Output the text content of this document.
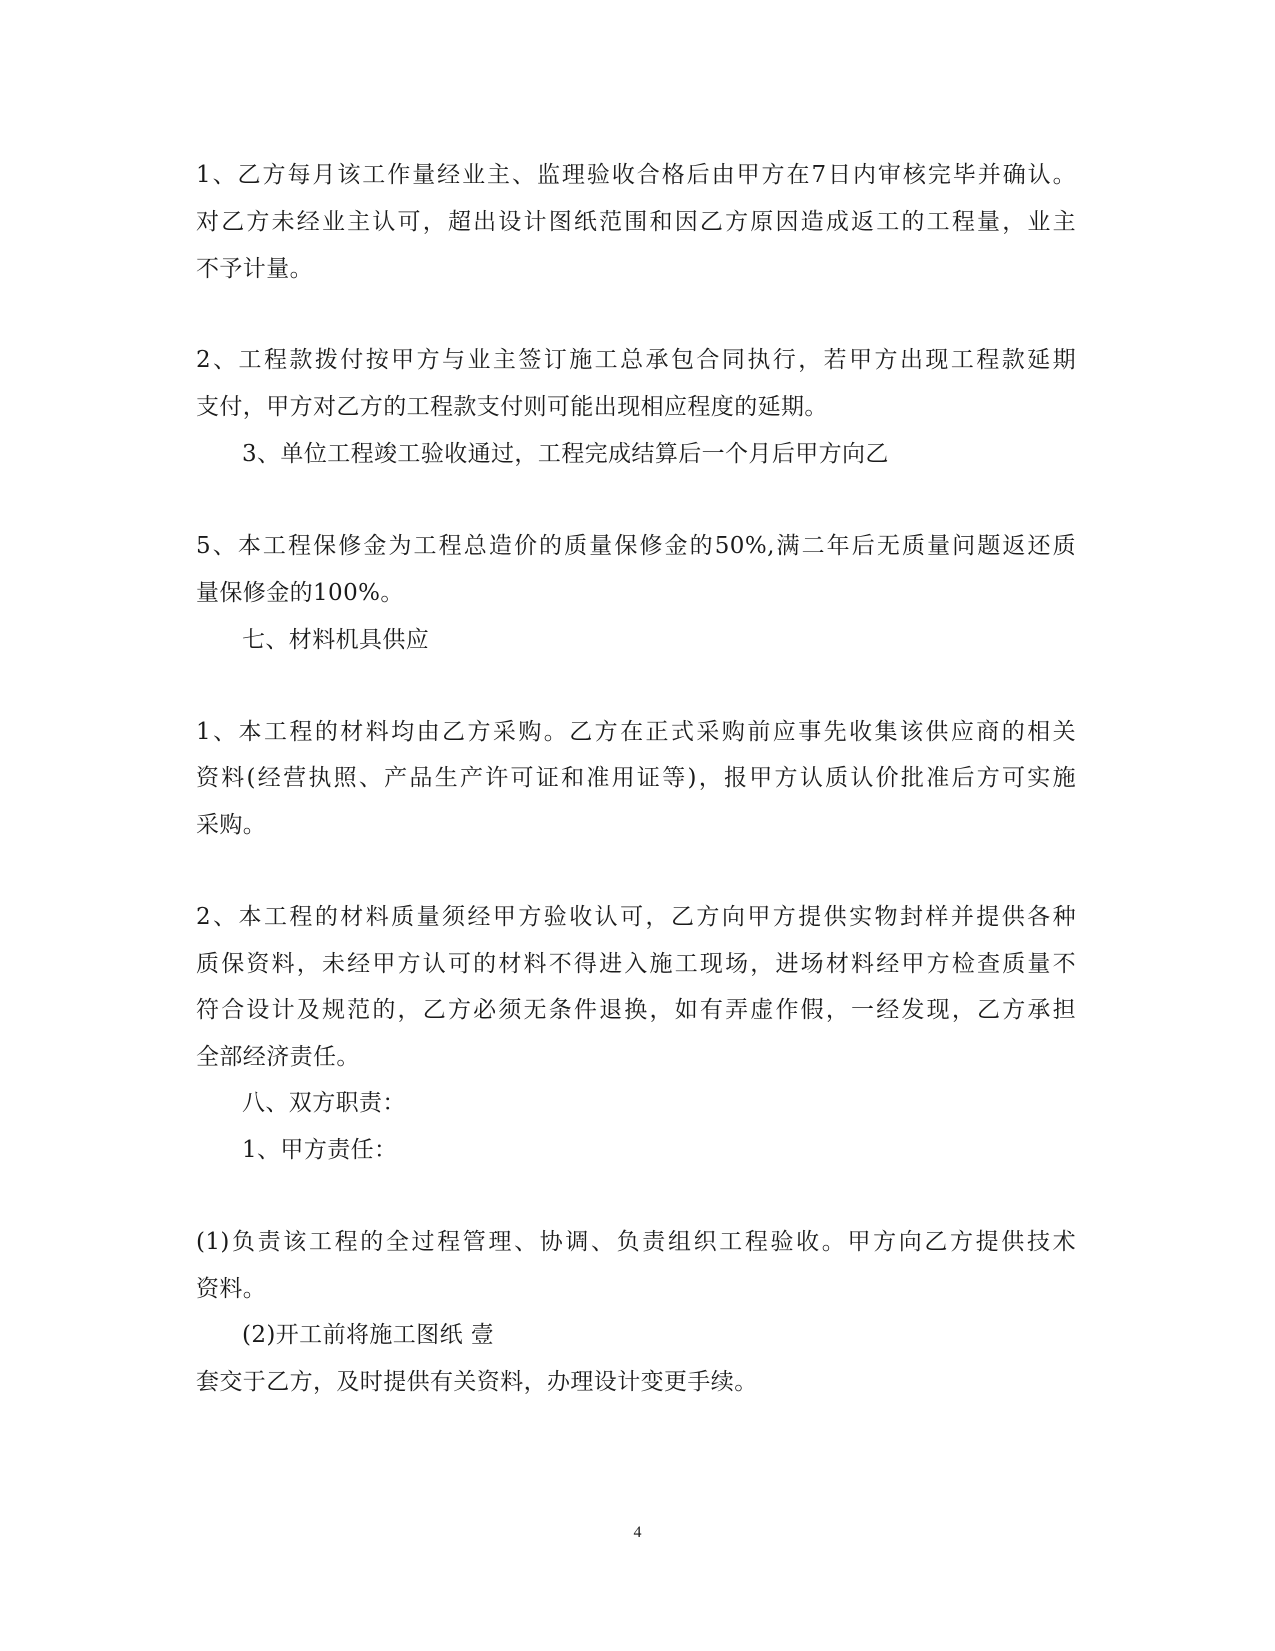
1、乙方每月该工作量经业主、监理验收合格后由甲方在7日内审核完毕并确认。
对乙方未经业主认可，超出设计图纸范围和因乙方原因造成返工的工程量，业主
不予计量。
2、工程款拨付按甲方与业主签订施工总承包合同执行，若甲方出现工程款延期
支付，甲方对乙方的工程款支付则可能出现相应程度的延期。
3、单位工程竣工验收通过，工程完成结算后一个月后甲方向乙
5、本工程保修金为工程总造价的质量保修金的50%,满二年后无质量问题返还质
量保修金的100%。
七、材料机具供应
1、本工程的材料均由乙方采购。乙方在正式采购前应事先收集该供应商的相关
资料(经营执照、产品生产许可证和准用证等)，报甲方认质认价批准后方可实施
采购。
2、本工程的材料质量须经甲方验收认可，乙方向甲方提供实物封样并提供各种
质保资料，未经甲方认可的材料不得进入施工现场，进场材料经甲方检查质量不
符合设计及规范的，乙方必须无条件退换，如有弄虚作假，一经发现，乙方承担
全部经济责任。
八、双方职责：
1、甲方责任：
(1)负责该工程的全过程管理、协调、负责组织工程验收。甲方向乙方提供技术
资料。
(2)开工前将施工图纸 壹
套交于乙方，及时提供有关资料，办理设计变更手续。
4
